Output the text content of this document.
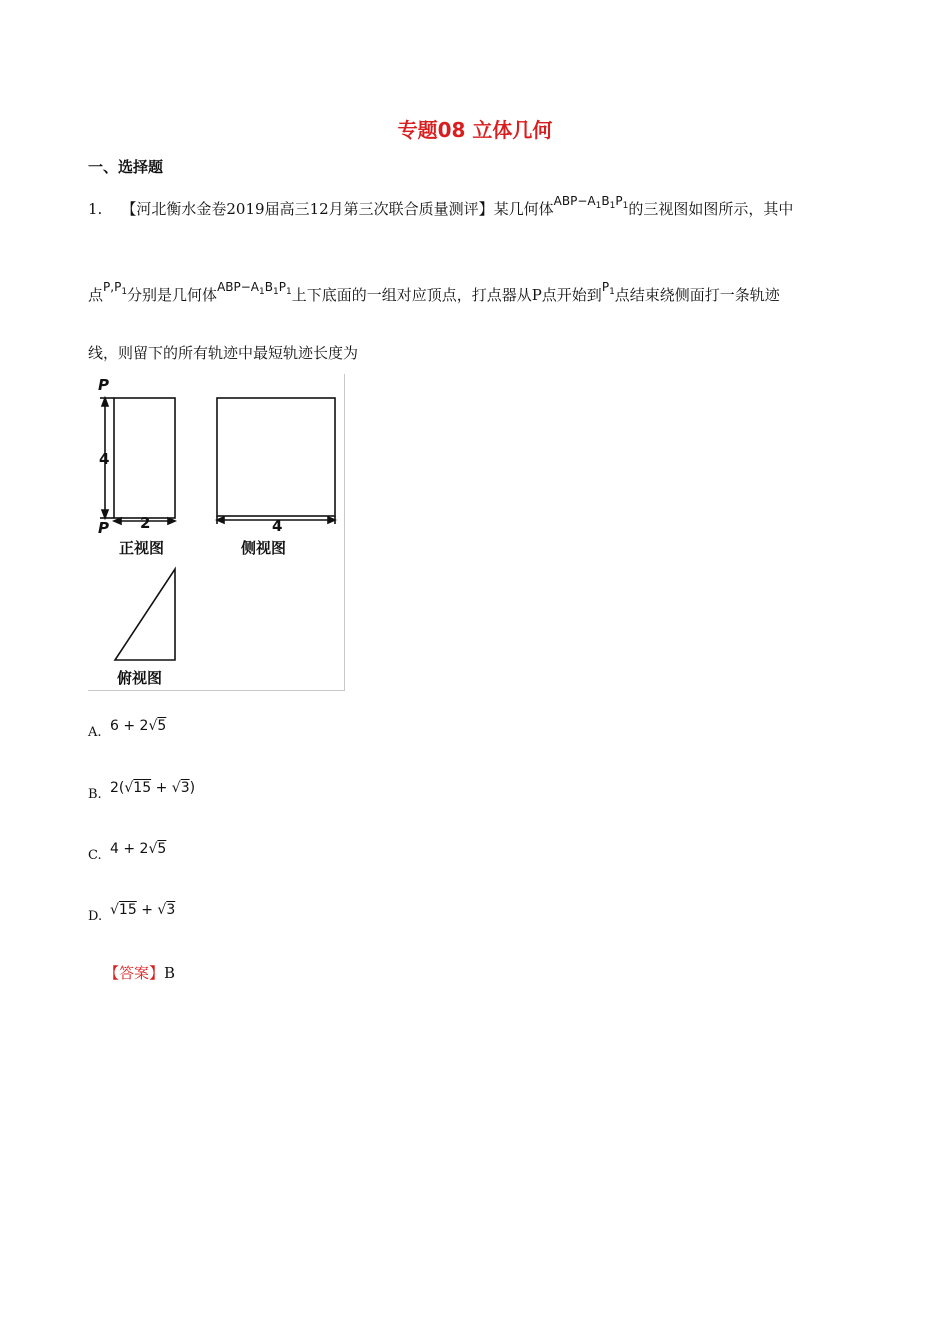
专题08 立体几何
一、选择题
1. 【河北衡水金卷2019届高三12月第三次联合质量测评】某几何体$^{ABP-A_1B_1P_1}$的三视图如图所示，其中
点$^{P,P_1}$分别是几何体$^{ABP-A_1B_1P_1}$上下底面的一组对应顶点，打点器从P点开始到$^{P_1}$点结束绕侧面打一条轨迹
线，则留下的所有轨迹中最短轨迹长度为
P
P
4
2	4
正视图	侧视图
俯视图
A. 6 + 2√5
B. 2(√15 + √3)
C. 4 + 2√5
D. √15 + √3
【答案】B
